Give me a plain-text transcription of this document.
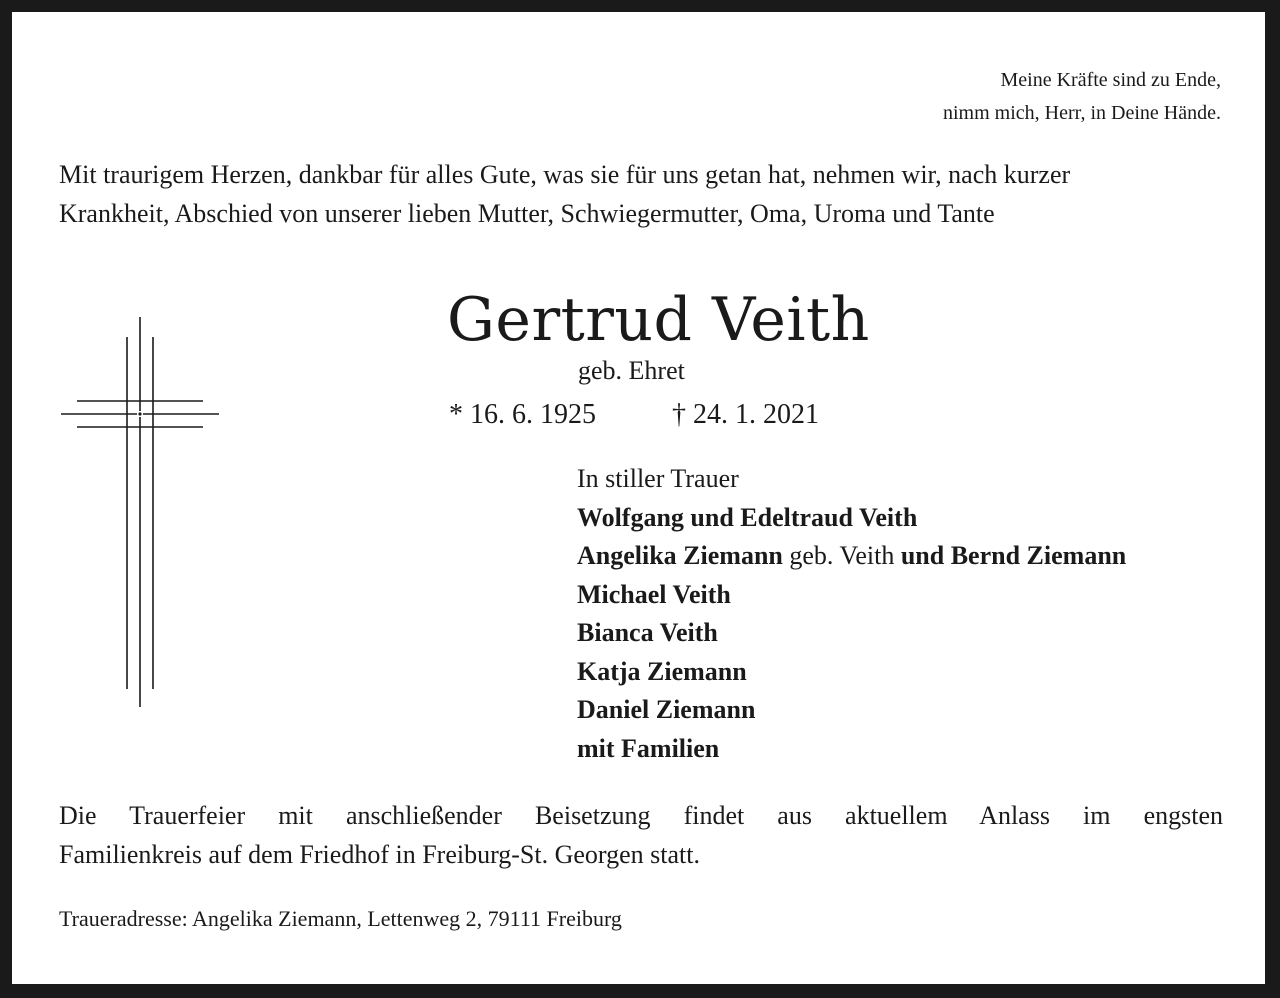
Meine Kräfte sind zu Ende,
nimm mich, Herr, in Deine Hände.
Mit traurigem Herzen, dankbar für alles Gute, was sie für uns getan hat, nehmen wir, nach kurzer
Krankheit, Abschied von unserer lieben Mutter, Schwiegermutter, Oma, Uroma und Tante
Gertrud Veith
geb. Ehret
* 16. 6. 1925	† 24. 1. 2021
In stiller Trauer
Wolfgang und Edeltraud Veith
Angelika Ziemann geb. Veith und Bernd Ziemann
Michael Veith
Bianca Veith
Katja Ziemann
Daniel Ziemann
mit Familien
Die Trauerfeier mit anschließender Beisetzung findet aus aktuellem Anlass im engsten
Familienkreis auf dem Friedhof in Freiburg-St. Georgen statt.
Traueradresse: Angelika Ziemann, Lettenweg 2, 79111 Freiburg
